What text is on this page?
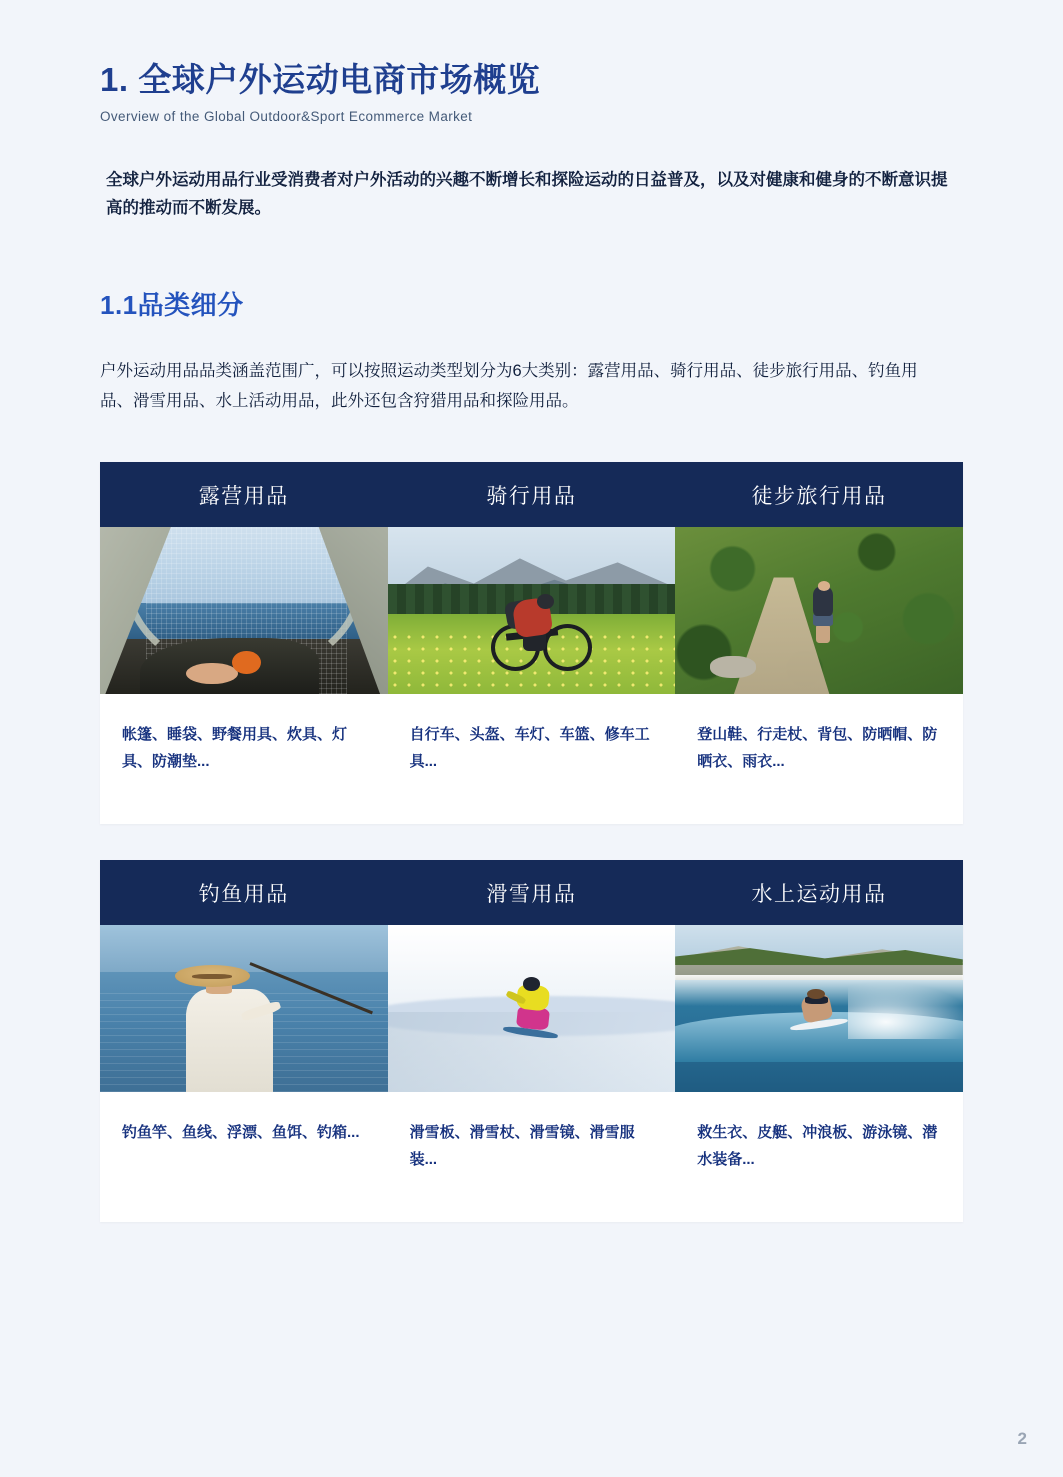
1. 全球户外运动电商市场概览
Overview of the Global Outdoor&Sport Ecommerce Market

全球户外运动用品行业受消费者对户外活动的兴趣不断增长和探险运动的日益普及，以及对健康和健身的不断意识提高的推动而不断发展。

1.1品类细分

户外运动用品品类涵盖范围广，可以按照运动类型划分为6大类别：露营用品、骑行用品、徒步旅行用品、钓鱼用品、滑雪用品、水上活动用品，此外还包含狩猎用品和探险用品。

露营用品
帐篷、睡袋、野餐用具、炊具、灯具、防潮垫...
骑行用品
自行车、头盔、车灯、车篮、修车工具...
徒步旅行用品
登山鞋、行走杖、背包、防晒帽、防晒衣、雨衣...
钓鱼用品
钓鱼竿、鱼线、浮漂、鱼饵、钓箱...
滑雪用品
滑雪板、滑雪杖、滑雪镜、滑雪服装...
水上运动用品
救生衣、皮艇、冲浪板、游泳镜、潜水装备...
2
